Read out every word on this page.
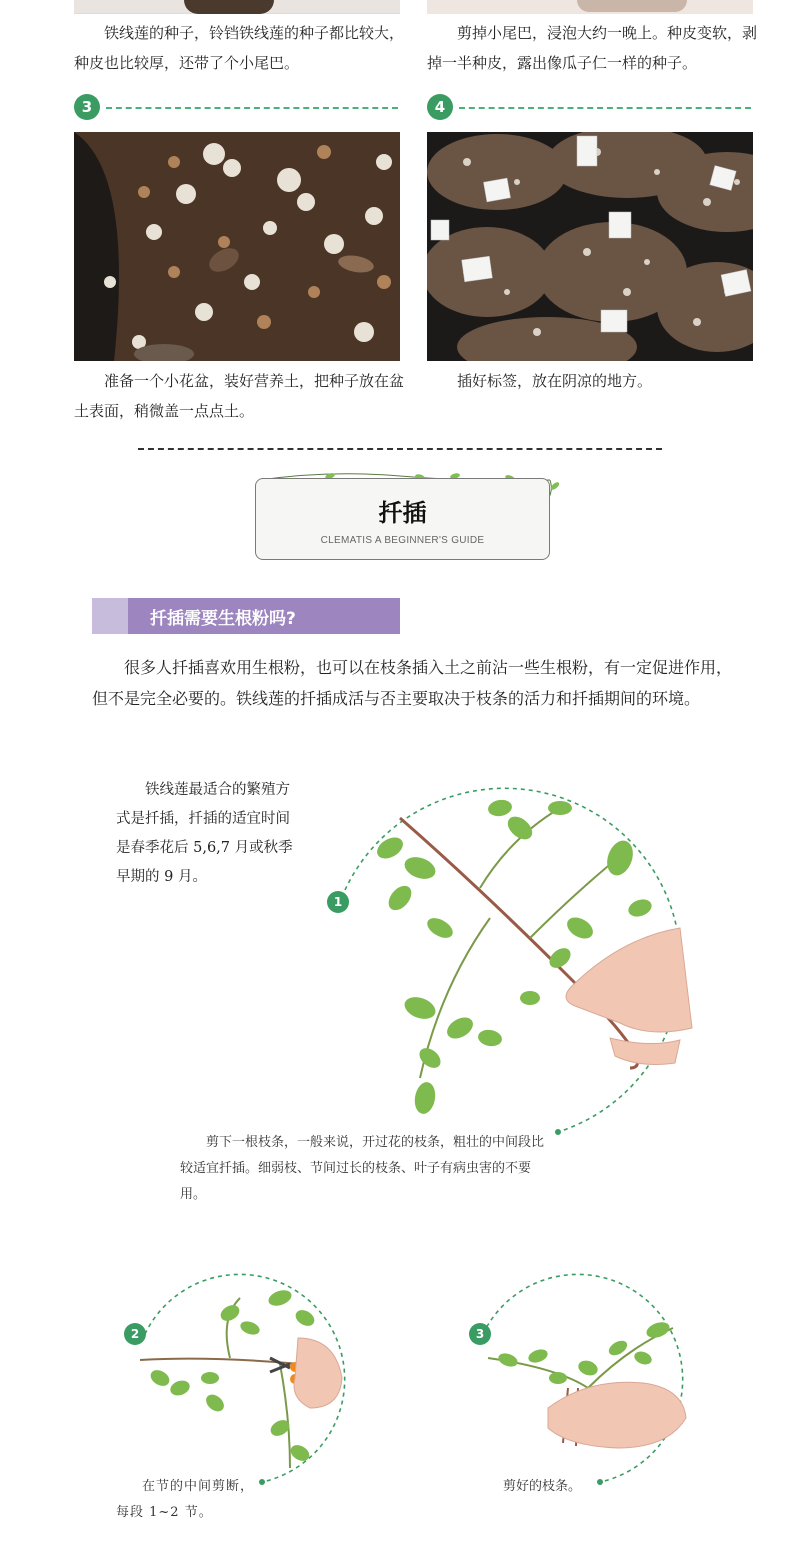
铁线莲的种子，铃铛铁线莲的种子都比较大，种皮也比较厚，还带了个小尾巴。

剪掉小尾巴，浸泡大约一晚上。种皮变软，剥掉一半种皮，露出像瓜子仁一样的种子。

3	4

准备一个小花盆，装好营养土，把种子放在盆土表面，稍微盖一点点土。

插好标签，放在阴凉的地方。

扦插
CLEMATIS A BEGINNER'S GUIDE
扦插需要生根粉吗?

很多人扦插喜欢用生根粉，也可以在枝条插入土之前沾一些生根粉，有一定促进作用，但不是完全必要的。铁线莲的扦插成活与否主要取决于枝条的活力和扦插期间的环境。

铁线莲最适合的繁殖方式是扦插，扦插的适宜时间是春季花后 5,6,7 月或秋季早期的 9 月。

1

剪下一根枝条，一般来说，开过花的枝条，粗壮的中间段比较适宜扦插。细弱枝、节间过长的枝条、叶子有病虫害的不要用。

2

在节的中间剪断，每段 1~2 节。

3

剪好的枝条。
